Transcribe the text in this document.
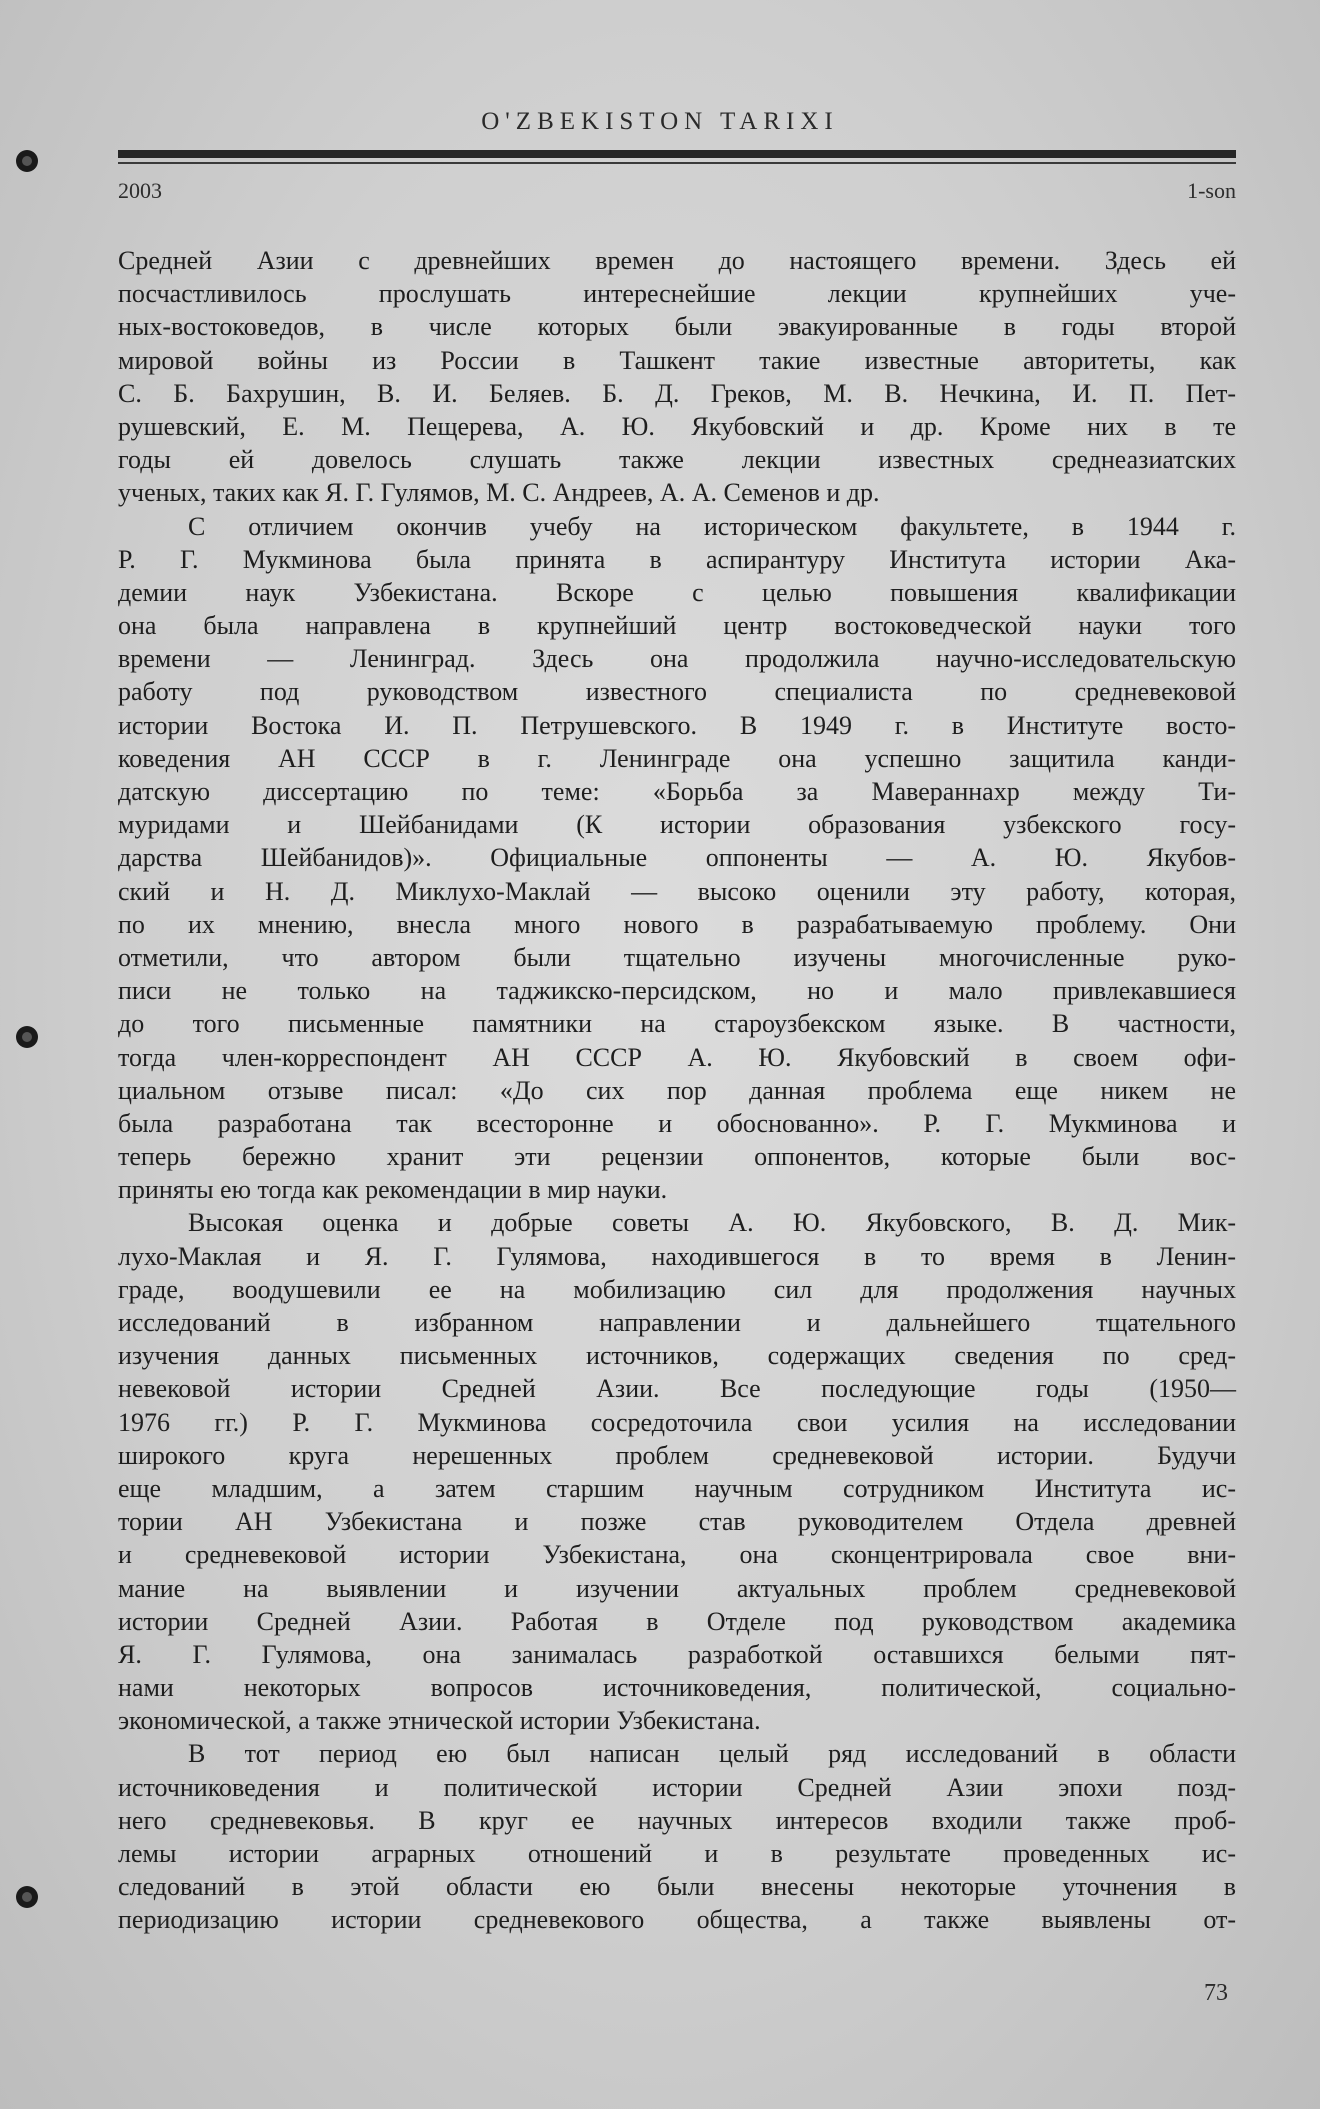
O'ZBEKISTON TARIXI
2003	1-son
Средней Азии с древнейших времен до настоящего времени. Здесь ей
посчастливилось прослушать интереснейшие лекции крупнейших уче-
ных-востоковедов, в числе которых были эвакуированные в годы второй
мировой войны из России в Ташкент такие известные авторитеты, как
С. Б. Бахрушин, В. И. Беляев. Б. Д. Греков, М. В. Нечкина, И. П. Пет-
рушевский, Е. М. Пещерева, А. Ю. Якубовский и др. Кроме них в те
годы ей довелось слушать также лекции известных среднеазиатских
ученых, таких как Я. Г. Гулямов, М. С. Андреев, А. А. Семенов и др.
С отличием окончив учебу на историческом факультете, в 1944 г.
Р. Г. Мукминова была принята в аспирантуру Института истории Ака-
демии наук Узбекистана. Вскоре с целью повышения квалификации
она была направлена в крупнейший центр востоковедческой науки того
времени — Ленинград. Здесь она продолжила научно-исследовательскую
работу под руководством известного специалиста по средневековой
истории Востока И. П. Петрушевского. В 1949 г. в Институте восто-
коведения АН СССР в г. Ленинграде она успешно защитила канди-
датскую диссертацию по теме: «Борьба за Мавераннахр между Ти-
муридами и Шейбанидами (К истории образования узбекского госу-
дарства Шейбанидов)». Официальные оппоненты — А. Ю. Якубов-
ский и Н. Д. Миклухо-Маклай — высоко оценили эту работу, которая,
по их мнению, внесла много нового в разрабатываемую проблему. Они
отметили, что автором были тщательно изучены многочисленные руко-
писи не только на таджикско-персидском, но и мало привлекавшиеся
до того письменные памятники на староузбекском языке. В частности,
тогда член-корреспондент АН СССР А. Ю. Якубовский в своем офи-
циальном отзыве писал: «До сих пор данная проблема еще никем не
была разработана так всесторонне и обоснованно». Р. Г. Мукминова и
теперь бережно хранит эти рецензии оппонентов, которые были вос-
приняты ею тогда как рекомендации в мир науки.
Высокая оценка и добрые советы А. Ю. Якубовского, В. Д. Мик-
лухо-Маклая и Я. Г. Гулямова, находившегося в то время в Ленин-
граде, воодушевили ее на мобилизацию сил для продолжения научных
исследований в избранном направлении и дальнейшего тщательного
изучения данных письменных источников, содержащих сведения по сред-
невековой истории Средней Азии. Все последующие годы (1950—
1976 гг.) Р. Г. Мукминова сосредоточила свои усилия на исследовании
широкого круга нерешенных проблем средневековой истории. Будучи
еще младшим, а затем старшим научным сотрудником Института ис-
тории АН Узбекистана и позже став руководителем Отдела древней
и средневековой истории Узбекистана, она сконцентрировала свое вни-
мание на выявлении и изучении актуальных проблем средневековой
истории Средней Азии. Работая в Отделе под руководством академика
Я. Г. Гулямова, она занималась разработкой оставшихся белыми пят-
нами некоторых вопросов источниковедения, политической, социально-
экономической, а также этнической истории Узбекистана.
В тот период ею был написан целый ряд исследований в области
источниковедения и политической истории Средней Азии эпохи позд-
него средневековья. В круг ее научных интересов входили также проб-
лемы истории аграрных отношений и в результате проведенных ис-
следований в этой области ею были внесены некоторые уточнения в
периодизацию истории средневекового общества, а также выявлены от-
73
